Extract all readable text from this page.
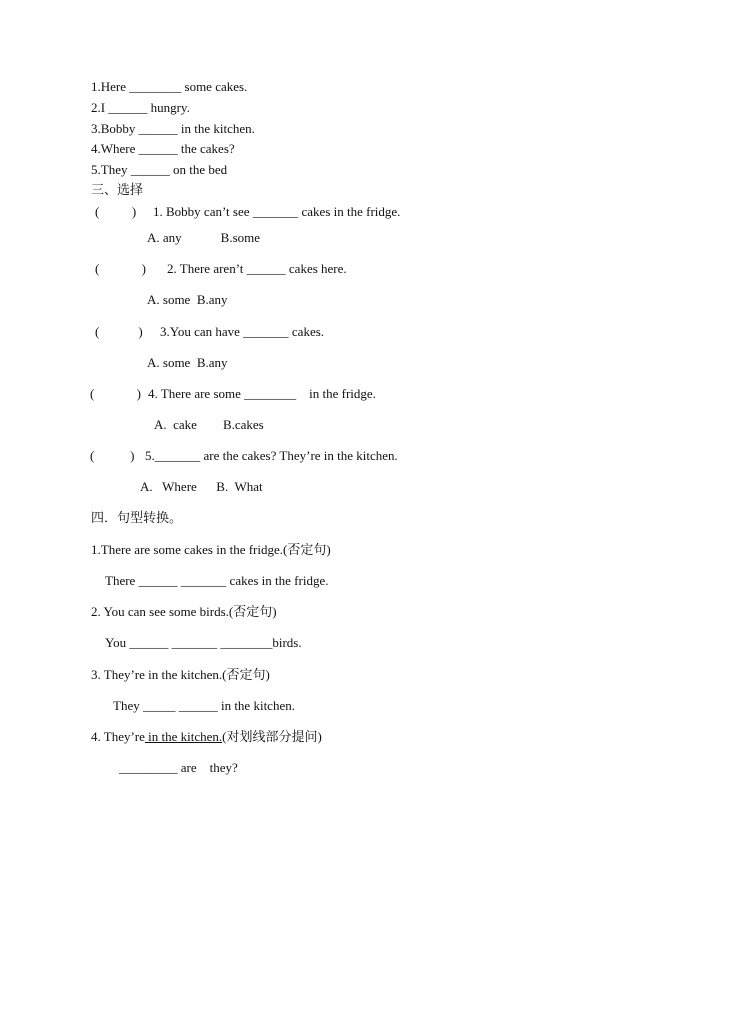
1.Here ________ some cakes.
2.I ______ hungry.
3.Bobby ______ in the kitchen.
4.Where ______ the cakes?
5.They ______ on the bed
三、选择
(          ) 1. Bobby can’t see _______ cakes in the fridge.
A. any            B.some
(             ) 2. There aren’t ______ cakes here.
A. some  B.any
(            ) 3.You can have _______ cakes.
A. some  B.any
(             ) 4. There are some ________    in the fridge.
A.  cake        B.cakes
(           ) 5._______ are the cakes? They’re in the kitchen.
A.   Where      B.  What
四．句型转换。
1.There are some cakes in the fridge.(否定句)
There ______ _______ cakes in the fridge.
2. You can see some birds.(否定句)
You ______ _______ ________birds.
3. They’re in the kitchen.(否定句)
They _____ ______ in the kitchen.
4. They’re in the kitchen.(对划线部分提问)
_________ are    they?
